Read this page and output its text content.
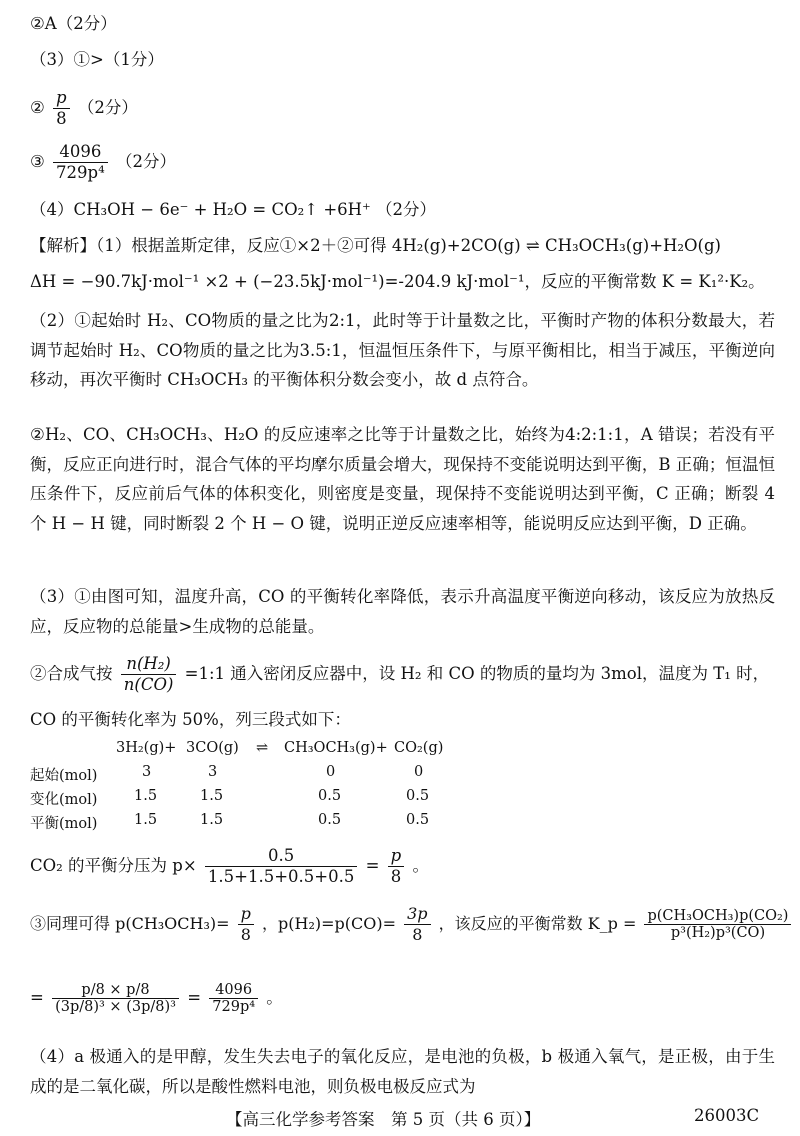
②A（2分）
（3）①>（1分）
② $\frac{p}{8} (2$分）
③ $\frac{4096}{\text{729p⁴}} (2$分）
（4）CH₃OH − 6e⁻ + H₂O = CO₂↑ +6H⁺ （2分）
【解析】（1）根据盖斯定律，反应①×2＋②可得 4H₂(g)+2CO(g) ⇌ CH₃OCH₃(g)+H₂O(g)
ΔH = −90.7kJ·mol⁻¹ ×2 + (−23.5kJ·mol⁻¹)=-204.9 kJ·mol⁻¹，反应的平衡常数 K = K₁²·K₂。
（2）①起始时 H₂、CO物质的量之比为2:1，此时等于计量数之比，平衡时产物的体积分数最大，若调节起始时 H₂、CO物质的量之比为3.5:1，恒温恒压条件下，与原平衡相比，相当于减压，平衡逆向移动，再次平衡时 CH₃OCH₃ 的平衡体积分数会变小，故 d 点符合。
②H₂、CO、CH₃OCH₃、H₂O 的反应速率之比等于计量数之比，始终为4:2:1:1，A 错误；若没有平衡，反应正向进行时，混合气体的平均摩尔质量会增大，现保持不变能说明达到平衡，B 正确；恒温恒压条件下，反应前后气体的体积变化，则密度是变量，现保持不变能说明达到平衡，C 正确；断裂 4 个 H − H 键，同时断裂 2 个 H − O 键，说明正逆反应速率相等，能说明反应达到平衡，D 正确。
（3）①由图可知，温度升高，CO 的平衡转化率降低，表示升高温度平衡逆向移动，该反应为放热反应，反应物的总能量>生成物的总能量。
②合成气按 $\frac{\text{n(H₂)}}{n(CO)}$ =1:1 通入密闭反应器中，设 H₂ 和 CO 的物质的量均为 3mol，温度为 T₁ 时，
CO 的平衡转化率为 50%，列三段式如下：
3H₂(g)+ 3CO(g) ⇌ CH₃OCH₃(g)+ CO₂(g)
起始(mol)	3	3	0	0
变化(mol)	1.5	1.5	0.5	0.5
平衡(mol)	1.5	1.5	0.5	0.5
CO₂ 的平衡分压为 $p\times \frac{0.5}{1.5+1.5+0.5+0.5} = \frac{p}{8}$ 。
③同理可得 $p(CH_3OCH_3)= \frac{p}{8}$ ，$p(H_2)=p(CO)= \frac{3p}{8}$ ，该反应的平衡常数 K_p = $\frac{\text{p(CH₃OCH₃)p(CO₂)}}{\text{p³(H₂)p³(CO)}}$
= $\frac{p/8 \times p/8}{\text{(3p/8)³ × (3p/8)³}} = \frac{4096}{\text{729p⁴}}$ 。
（4）a 极通入的是甲醇，发生失去电子的氧化反应，是电池的负极，b 极通入氧气，是正极，由于生成的是二氧化碳，所以是酸性燃料电池，则负极电极反应式为
【高三化学参考答案　第 5 页（共 6 页）】	26003C
